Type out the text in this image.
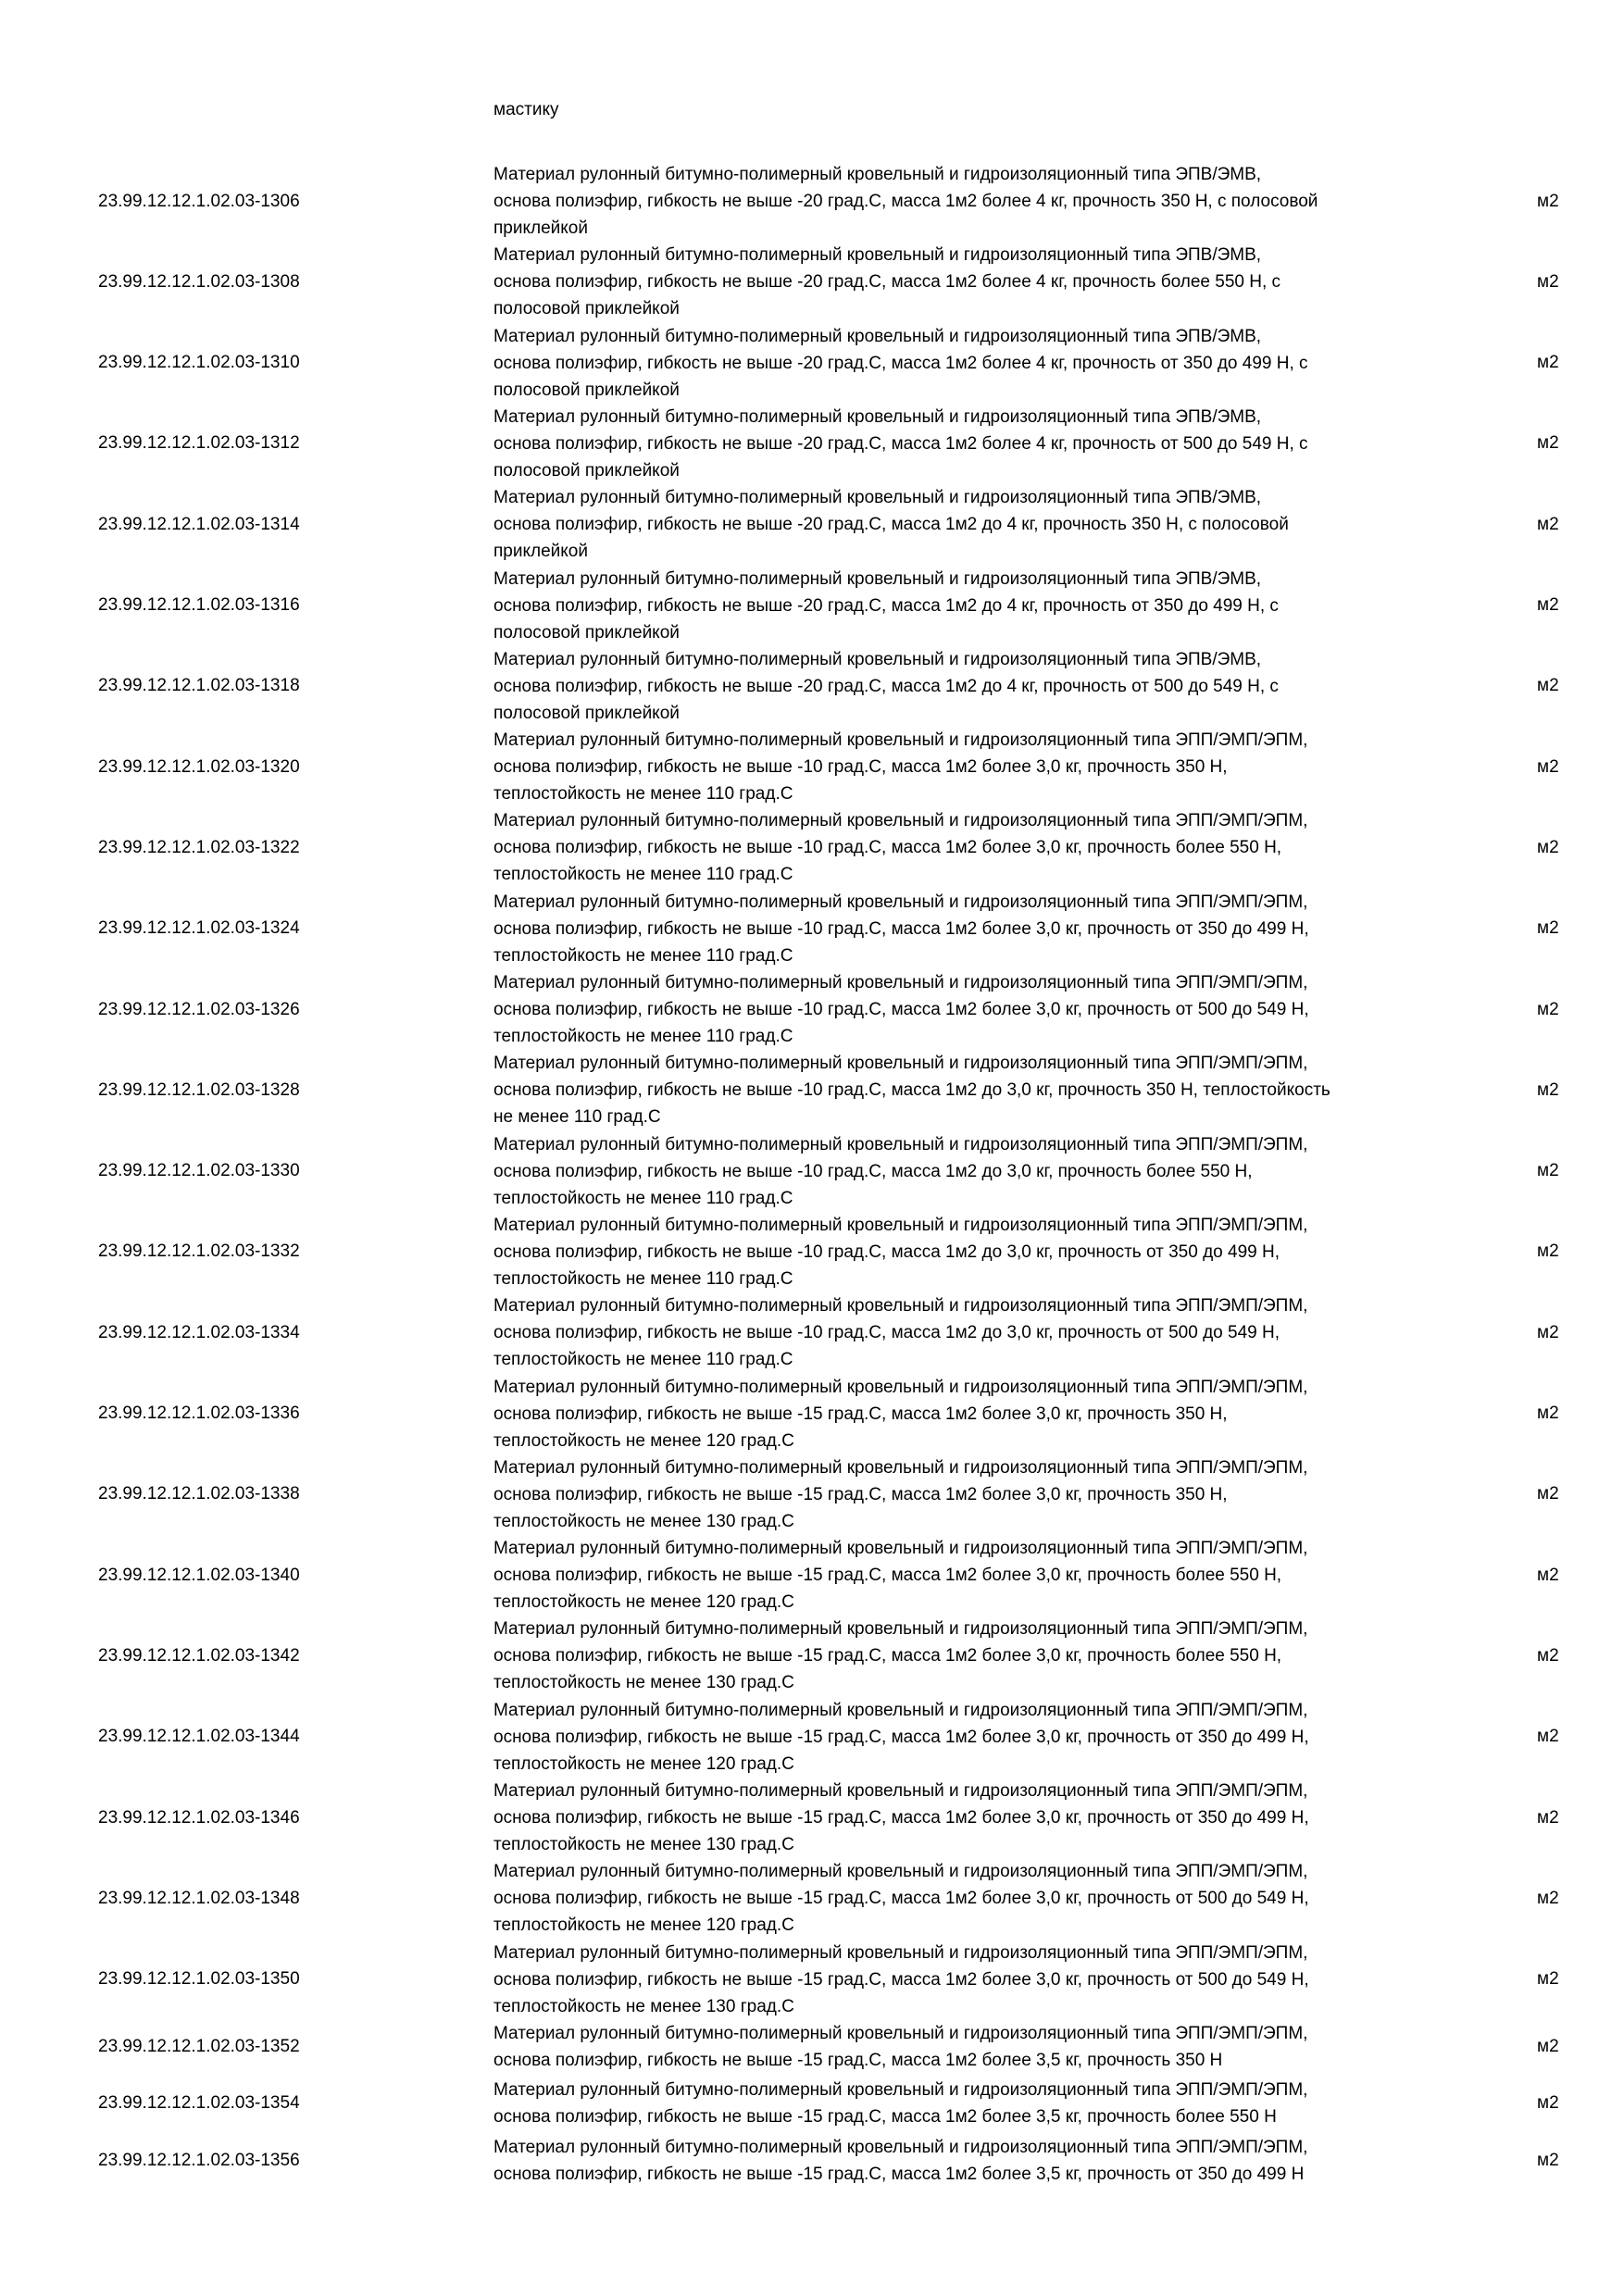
мастику
23.99.12.12.1.02.03-1306
Материал рулонный битумно-полимерный кровельный и гидроизоляционный типа ЭПВ/ЭМВ,
основа полиэфир, гибкость не выше -20 град.С, масса 1м2 более 4 кг, прочность 350 Н, с полосовой
приклейкой
м2
23.99.12.12.1.02.03-1308
Материал рулонный битумно-полимерный кровельный и гидроизоляционный типа ЭПВ/ЭМВ,
основа полиэфир, гибкость не выше -20 град.С, масса 1м2 более 4 кг, прочность более 550 Н, с
полосовой приклейкой
м2
23.99.12.12.1.02.03-1310
Материал рулонный битумно-полимерный кровельный и гидроизоляционный типа ЭПВ/ЭМВ,
основа полиэфир, гибкость не выше -20 град.С, масса 1м2 более 4 кг, прочность от 350 до 499 Н, с
полосовой приклейкой
м2
23.99.12.12.1.02.03-1312
Материал рулонный битумно-полимерный кровельный и гидроизоляционный типа ЭПВ/ЭМВ,
основа полиэфир, гибкость не выше -20 град.С, масса 1м2 более 4 кг, прочность от 500 до 549 Н, с
полосовой приклейкой
м2
23.99.12.12.1.02.03-1314
Материал рулонный битумно-полимерный кровельный и гидроизоляционный типа ЭПВ/ЭМВ,
основа полиэфир, гибкость не выше -20 град.С, масса 1м2 до 4 кг, прочность 350 Н, с полосовой
приклейкой
м2
23.99.12.12.1.02.03-1316
Материал рулонный битумно-полимерный кровельный и гидроизоляционный типа ЭПВ/ЭМВ,
основа полиэфир, гибкость не выше -20 град.С, масса 1м2 до 4 кг, прочность от 350 до 499 Н, с
полосовой приклейкой
м2
23.99.12.12.1.02.03-1318
Материал рулонный битумно-полимерный кровельный и гидроизоляционный типа ЭПВ/ЭМВ,
основа полиэфир, гибкость не выше -20 град.С, масса 1м2 до 4 кг, прочность от 500 до 549 Н, с
полосовой приклейкой
м2
23.99.12.12.1.02.03-1320
Материал рулонный битумно-полимерный кровельный и гидроизоляционный типа ЭПП/ЭМП/ЭПМ,
основа полиэфир, гибкость не выше -10 град.С, масса 1м2 более 3,0 кг, прочность 350 Н,
теплостойкость не менее 110 град.С
м2
23.99.12.12.1.02.03-1322
Материал рулонный битумно-полимерный кровельный и гидроизоляционный типа ЭПП/ЭМП/ЭПМ,
основа полиэфир, гибкость не выше -10 град.С, масса 1м2 более 3,0 кг, прочность более 550 Н,
теплостойкость не менее 110 град.С
м2
23.99.12.12.1.02.03-1324
Материал рулонный битумно-полимерный кровельный и гидроизоляционный типа ЭПП/ЭМП/ЭПМ,
основа полиэфир, гибкость не выше -10 град.С, масса 1м2 более 3,0 кг, прочность от 350 до 499 Н,
теплостойкость не менее 110 град.С
м2
23.99.12.12.1.02.03-1326
Материал рулонный битумно-полимерный кровельный и гидроизоляционный типа ЭПП/ЭМП/ЭПМ,
основа полиэфир, гибкость не выше -10 град.С, масса 1м2 более 3,0 кг, прочность от 500 до 549 Н,
теплостойкость не менее 110 град.С
м2
23.99.12.12.1.02.03-1328
Материал рулонный битумно-полимерный кровельный и гидроизоляционный типа ЭПП/ЭМП/ЭПМ,
основа полиэфир, гибкость не выше -10 град.С, масса 1м2 до 3,0 кг, прочность 350 Н, теплостойкость
не менее 110 град.С
м2
23.99.12.12.1.02.03-1330
Материал рулонный битумно-полимерный кровельный и гидроизоляционный типа ЭПП/ЭМП/ЭПМ,
основа полиэфир, гибкость не выше -10 град.С, масса 1м2 до 3,0 кг, прочность более 550 Н,
теплостойкость не менее 110 град.С
м2
23.99.12.12.1.02.03-1332
Материал рулонный битумно-полимерный кровельный и гидроизоляционный типа ЭПП/ЭМП/ЭПМ,
основа полиэфир, гибкость не выше -10 град.С, масса 1м2 до 3,0 кг, прочность от 350 до 499 Н,
теплостойкость не менее 110 град.С
м2
23.99.12.12.1.02.03-1334
Материал рулонный битумно-полимерный кровельный и гидроизоляционный типа ЭПП/ЭМП/ЭПМ,
основа полиэфир, гибкость не выше -10 град.С, масса 1м2 до 3,0 кг, прочность от 500 до 549 Н,
теплостойкость не менее 110 град.С
м2
23.99.12.12.1.02.03-1336
Материал рулонный битумно-полимерный кровельный и гидроизоляционный типа ЭПП/ЭМП/ЭПМ,
основа полиэфир, гибкость не выше -15 град.С, масса 1м2 более 3,0 кг, прочность 350 Н,
теплостойкость не менее 120 град.С
м2
23.99.12.12.1.02.03-1338
Материал рулонный битумно-полимерный кровельный и гидроизоляционный типа ЭПП/ЭМП/ЭПМ,
основа полиэфир, гибкость не выше -15 град.С, масса 1м2 более 3,0 кг, прочность 350 Н,
теплостойкость не менее 130 град.С
м2
23.99.12.12.1.02.03-1340
Материал рулонный битумно-полимерный кровельный и гидроизоляционный типа ЭПП/ЭМП/ЭПМ,
основа полиэфир, гибкость не выше -15 град.С, масса 1м2 более 3,0 кг, прочность более 550 Н,
теплостойкость не менее 120 град.С
м2
23.99.12.12.1.02.03-1342
Материал рулонный битумно-полимерный кровельный и гидроизоляционный типа ЭПП/ЭМП/ЭПМ,
основа полиэфир, гибкость не выше -15 град.С, масса 1м2 более 3,0 кг, прочность более 550 Н,
теплостойкость не менее 130 град.С
м2
23.99.12.12.1.02.03-1344
Материал рулонный битумно-полимерный кровельный и гидроизоляционный типа ЭПП/ЭМП/ЭПМ,
основа полиэфир, гибкость не выше -15 град.С, масса 1м2 более 3,0 кг, прочность от 350 до 499 Н,
теплостойкость не менее 120 град.С
м2
23.99.12.12.1.02.03-1346
Материал рулонный битумно-полимерный кровельный и гидроизоляционный типа ЭПП/ЭМП/ЭПМ,
основа полиэфир, гибкость не выше -15 град.С, масса 1м2 более 3,0 кг, прочность от 350 до 499 Н,
теплостойкость не менее 130 град.С
м2
23.99.12.12.1.02.03-1348
Материал рулонный битумно-полимерный кровельный и гидроизоляционный типа ЭПП/ЭМП/ЭПМ,
основа полиэфир, гибкость не выше -15 град.С, масса 1м2 более 3,0 кг, прочность от 500 до 549 Н,
теплостойкость не менее 120 град.С
м2
23.99.12.12.1.02.03-1350
Материал рулонный битумно-полимерный кровельный и гидроизоляционный типа ЭПП/ЭМП/ЭПМ,
основа полиэфир, гибкость не выше -15 град.С, масса 1м2 более 3,0 кг, прочность от 500 до 549 Н,
теплостойкость не менее 130 град.С
м2
23.99.12.12.1.02.03-1352
Материал рулонный битумно-полимерный кровельный и гидроизоляционный типа ЭПП/ЭМП/ЭПМ,
основа полиэфир, гибкость не выше -15 град.С, масса 1м2 более 3,5 кг, прочность 350 Н
м2
23.99.12.12.1.02.03-1354
Материал рулонный битумно-полимерный кровельный и гидроизоляционный типа ЭПП/ЭМП/ЭПМ,
основа полиэфир, гибкость не выше -15 град.С, масса 1м2 более 3,5 кг, прочность более 550 Н
м2
23.99.12.12.1.02.03-1356
Материал рулонный битумно-полимерный кровельный и гидроизоляционный типа ЭПП/ЭМП/ЭПМ,
основа полиэфир, гибкость не выше -15 град.С, масса 1м2 более 3,5 кг, прочность от 350 до 499 Н
м2
